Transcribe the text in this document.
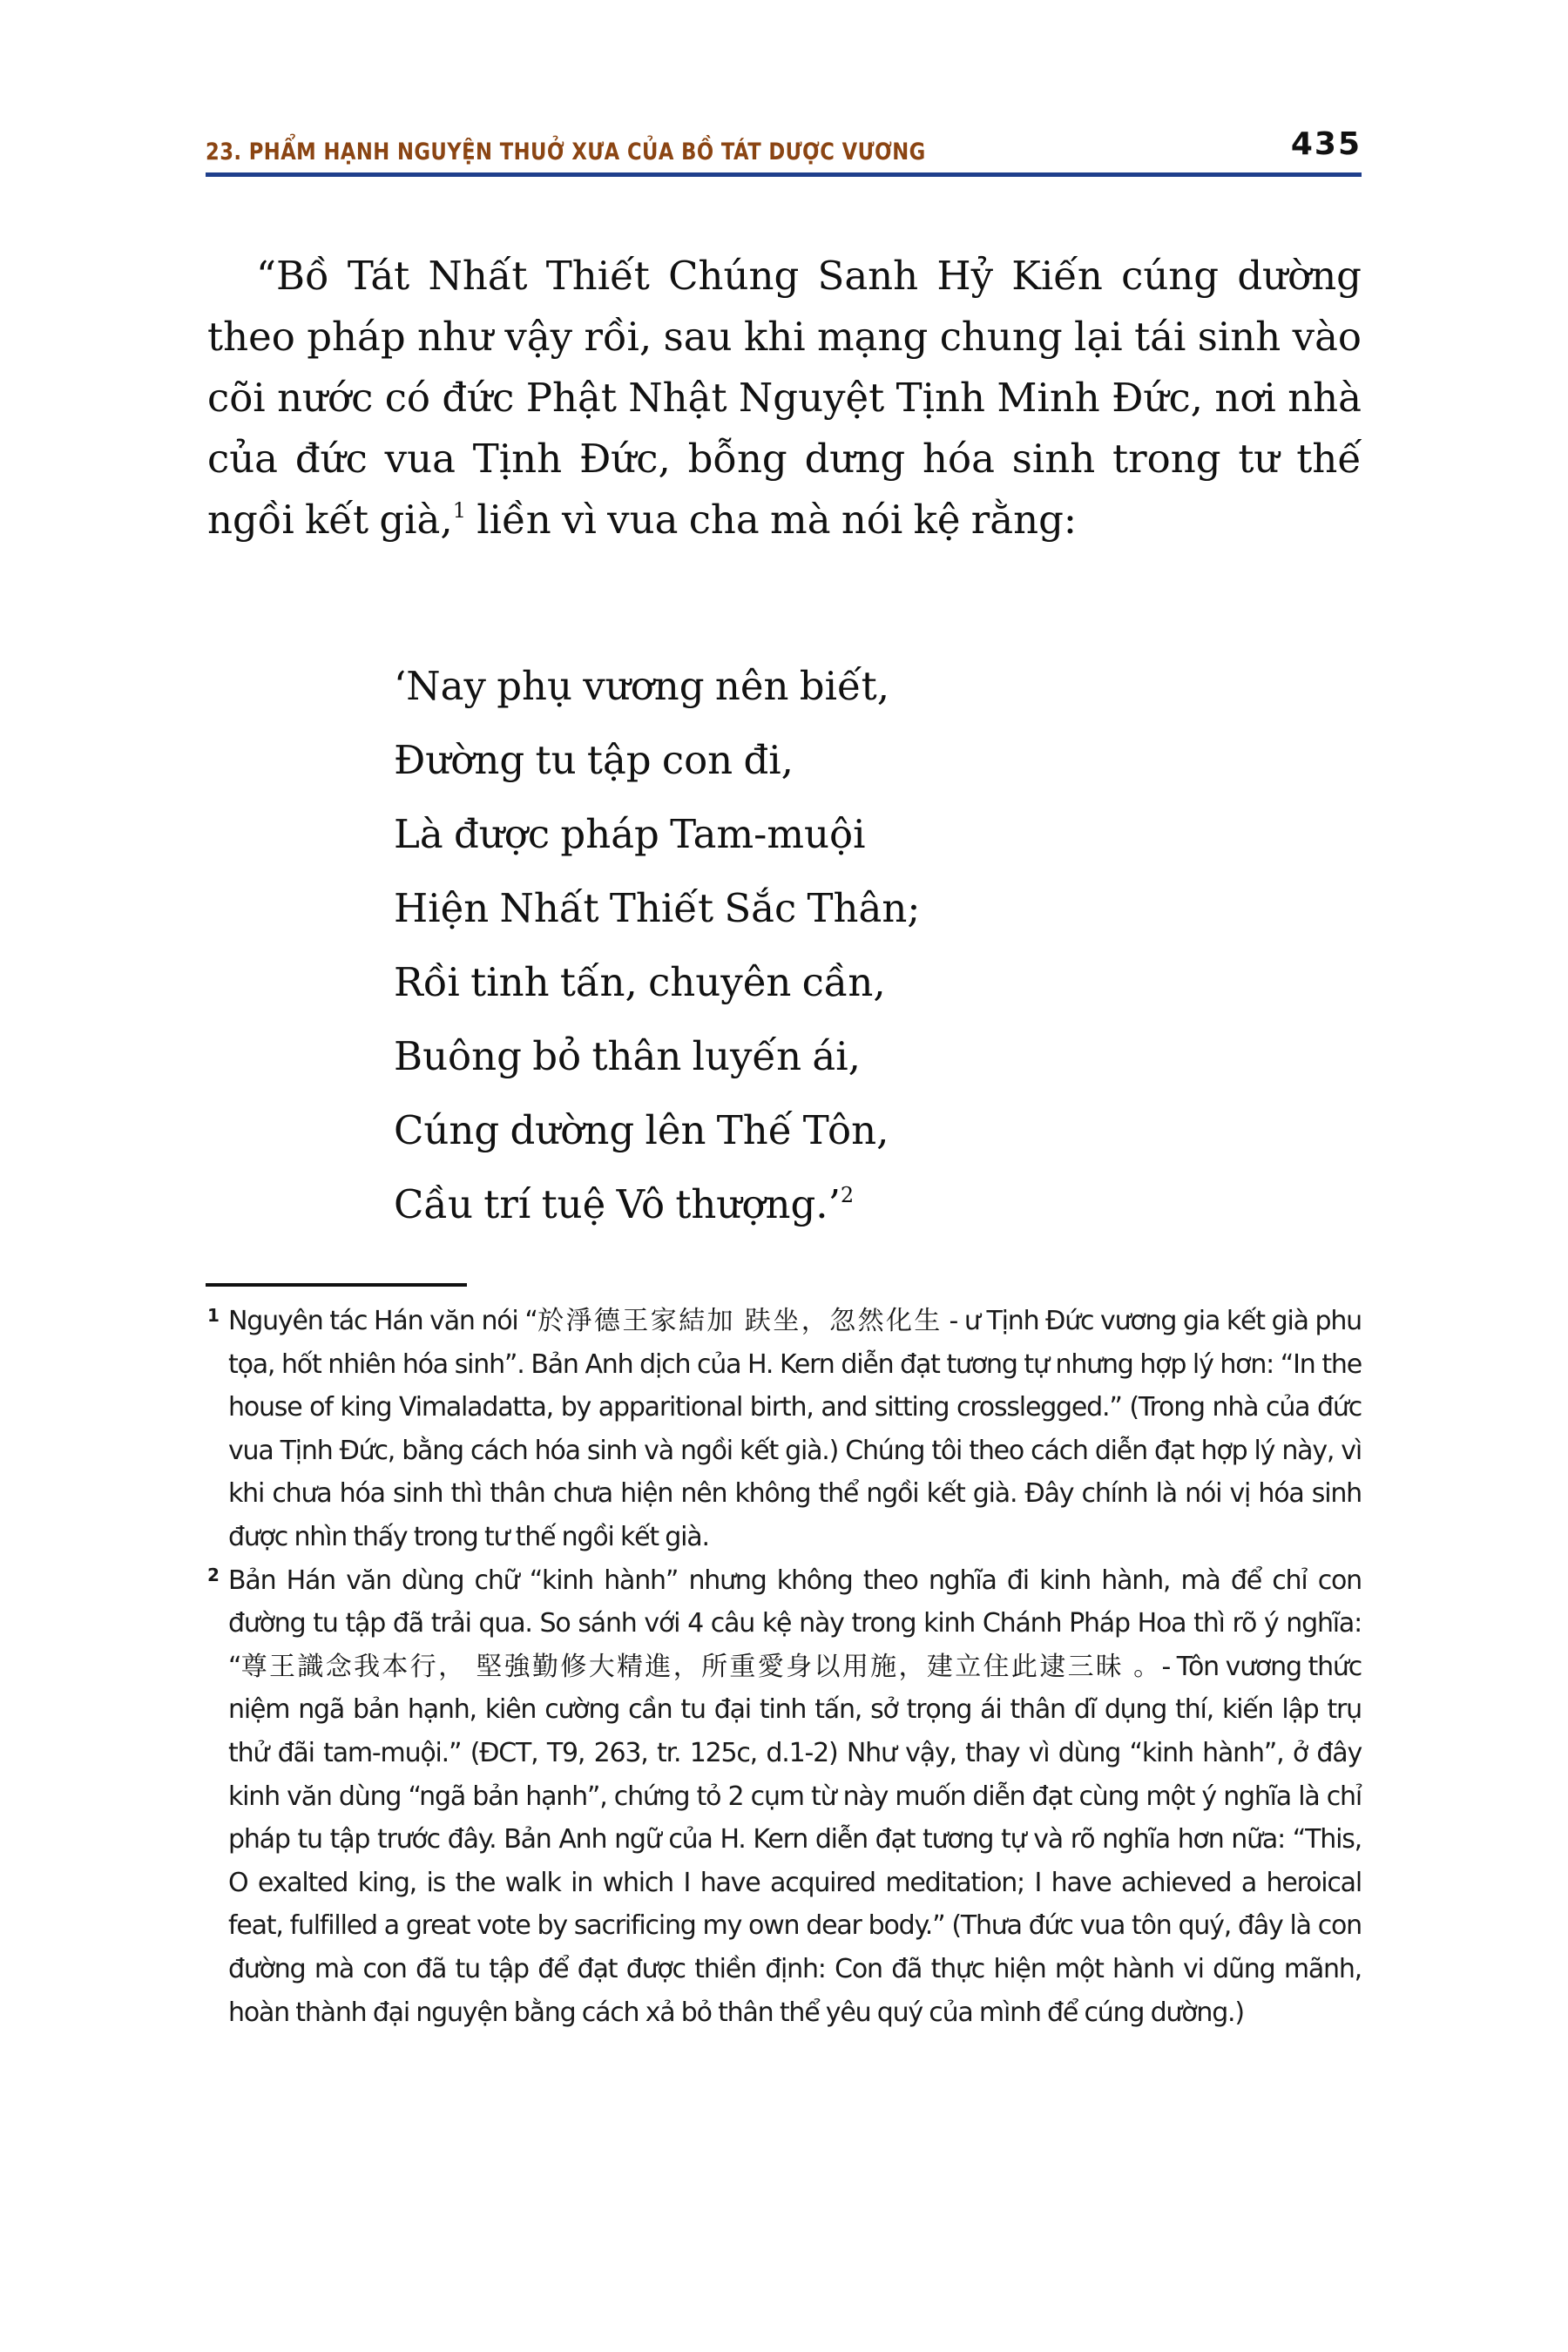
23. PHẨM HẠNH NGUYỆN THUỞ XƯA CỦA BỒ TÁT DƯỢC VƯƠNG	435

“Bồ Tát Nhất Thiết Chúng Sanh Hỷ Kiến cúng dường theo pháp như vậy rồi, sau khi mạng chung lại tái sinh vào cõi nước có đức Phật Nhật Nguyệt Tịnh Minh Đức, nơi nhà của đức vua Tịnh Đức, bỗng dưng hóa sinh trong tư thế ngồi kết già,$^1$ liền vì vua cha mà nói kệ rằng:

‘Nay phụ vương nên biết,
Đường tu tập con đi,
Là được pháp Tam-muội
Hiện Nhất Thiết Sắc Thân;
Rồi tinh tấn, chuyên cần,
Buông bỏ thân luyến ái,
Cúng dường lên Thế Tôn,
Cầu trí tuệ Vô thượng.’$^2$
1 Nguyên tác Hán văn nói “於淨德王家結加 趺坐，忽然化生 - ư Tịnh Đức vương gia kết già phu tọa, hốt nhiên hóa sinh”. Bản Anh dịch của H. Kern diễn đạt tương tự nhưng hợp lý hơn: “In the house of king Vimaladatta, by apparitional birth, and sitting crosslegged.” (Trong nhà của đức vua Tịnh Đức, bằng cách hóa sinh và ngồi kết già.) Chúng tôi theo cách diễn đạt hợp lý này, vì khi chưa hóa sinh thì thân chưa hiện nên không thể ngồi kết già. Đây chính là nói vị hóa sinh được nhìn thấy trong tư thế ngồi kết già.
2 Bản Hán văn dùng chữ “kinh hành” nhưng không theo nghĩa đi kinh hành, mà để chỉ con đường tu tập đã trải qua. So sánh với 4 câu kệ này trong kinh Chánh Pháp Hoa thì rõ ý nghĩa: “尊王識念我本行， 堅強勤修大精進，所重愛身以用施，建立住此逮三昧 。- Tôn vương thức niệm ngã bản hạnh, kiên cường cần tu đại tinh tấn, sở trọng ái thân dĩ dụng thí, kiến lập trụ thử đãi tam-muội.” (ĐCT, T9, 263, tr. 125c, d.1-2) Như vậy, thay vì dùng “kinh hành”, ở đây kinh văn dùng “ngã bản hạnh”, chứng tỏ 2 cụm từ này muốn diễn đạt cùng một ý nghĩa là chỉ pháp tu tập trước đây. Bản Anh ngữ của H. Kern diễn đạt tương tự và rõ nghĩa hơn nữa: “This, O exalted king, is the walk in which I have acquired meditation; I have achieved a heroical feat, fulfilled a great vote by sacrificing my own dear body.” (Thưa đức vua tôn quý, đây là con đường mà con đã tu tập để đạt được thiền định: Con đã thực hiện một hành vi dũng mãnh, hoàn thành đại nguyện bằng cách xả bỏ thân thể yêu quý của mình để cúng dường.)
